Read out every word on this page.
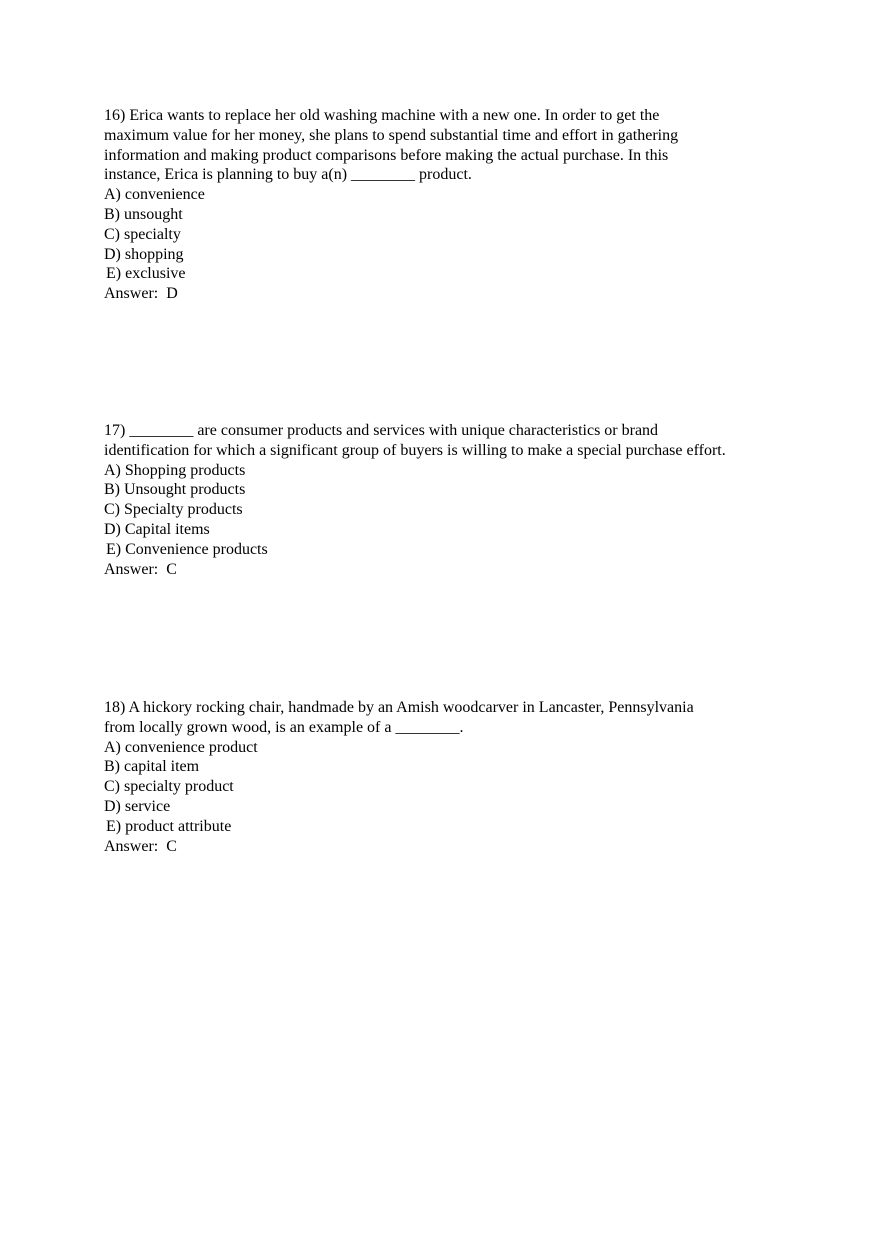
16) Erica wants to replace her old washing machine with a new one. In order to get the
maximum value for her money, she plans to spend substantial time and effort in gathering
information and making product comparisons before making the actual purchase. In this
instance, Erica is planning to buy a(n) ________ product.
A) convenience
B) unsought
C) specialty
D) shopping
E) exclusive
Answer:  D
17) ________ are consumer products and services with unique characteristics or brand
identification for which a significant group of buyers is willing to make a special purchase effort.
A) Shopping products
B) Unsought products
C) Specialty products
D) Capital items
E) Convenience products
Answer:  C
18) A hickory rocking chair, handmade by an Amish woodcarver in Lancaster, Pennsylvania
from locally grown wood, is an example of a ________.
A) convenience product
B) capital item
C) specialty product
D) service
E) product attribute
Answer:  C
